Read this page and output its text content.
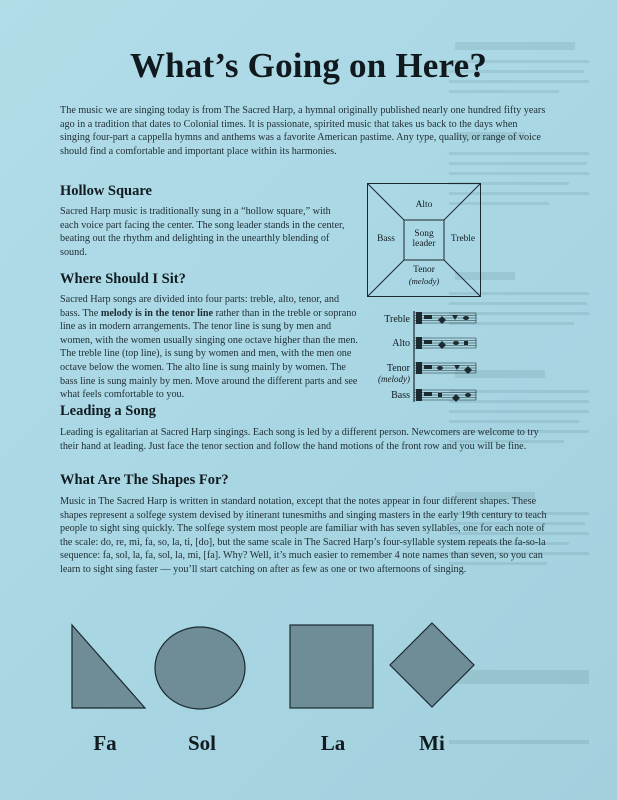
What’s Going on Here?

The music we are singing today is from The Sacred Harp, a hymnal originally published nearly one hundred fifty years ago in a tradition that dates to Colonial times. It is passionate, spirited music that takes us back to the days when singing four-part a cappella hymns and anthems was a favorite American pastime. Any type, quality, or range of voice should find a comfortable and important place within its harmonies.

Hollow Square

Sacred Harp music is traditionally sung in a “hollow square,” with each voice part facing the center. The song leader stands in the center, beating out the rhythm and delighting in the unearthly blending of sound.

Alto
Bass	Treble
Song
leader
Tenor
(melody)
Where Should I Sit?

Sacred Harp songs are divided into four parts: treble, alto, tenor, and bass. The melody is in the tenor line rather than in the treble or soprano line as in modern arrangements. The tenor line is sung by men and women, with the women usually singing one octave higher than the men. The treble line (top line), is sung by women and men, with the men one octave below the women. The alto line is sung mainly by women. The bass line is sung mainly by men. Move around the different parts and see what feels comfortable to you.

Treble
Alto
Tenor
(melody)
Bass
Leading a Song

Leading is egalitarian at Sacred Harp singings. Each song is led by a different person. Newcomers are welcome to try their hand at leading. Just face the tenor section and follow the hand motions of the front row and you will be fine.

What Are The Shapes For?

Music in The Sacred Harp is written in standard notation, except that the notes appear in four different shapes. These shapes represent a solfege system devised by itinerant tunesmiths and singing masters in the early 19th century to teach people to sight sing quickly. The solfege system most people are familiar with has seven syllables, one for each note of the scale: do, re, mi, fa, so, la, ti, [do], but the same scale in The Sacred Harp’s four-syllable system repeats the fa-so-la sequence: fa, sol, la, fa, sol, la, mi, [fa]. Why? Well, it’s much easier to remember 4 note names than seven, so you can learn to sight sing faster — you’ll start catching on after as few as one or two afternoons of singing.

Fa	Sol	La	Mi
